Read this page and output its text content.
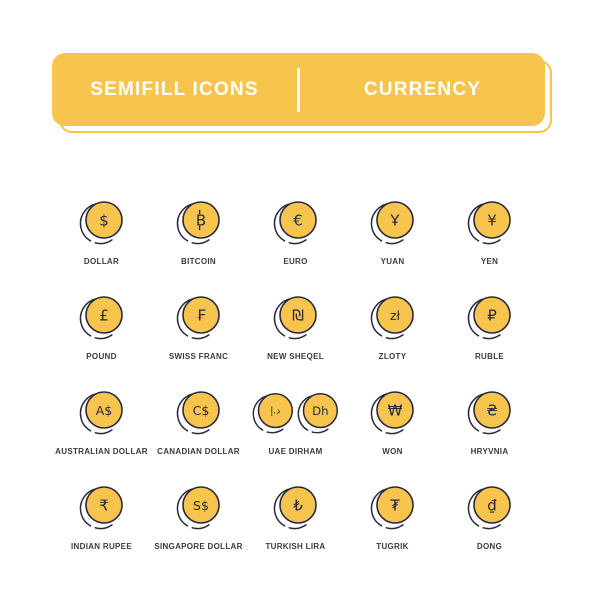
SEMIFILL ICONS	CURRENCY
$
DOLLAR
B
BITCOIN
€
EURO
Ұ
YUAN
¥
YEN
£
POUND
₣
SWISS FRANC
₪
NEW SHEQEL
zł
ZLOTY
₽
RUBLE
A$
AUSTRALIAN DOLLAR
C$
CANADIAN DOLLAR
د.إ	Dh
UAE DIRHAM
₩
WON
₴
HRYVNIA
₹
INDIAN RUPEE
S$
SINGAPORE DOLLAR
₺
TURKISH LIRA
₮
TUGRIK
₫
DONG
